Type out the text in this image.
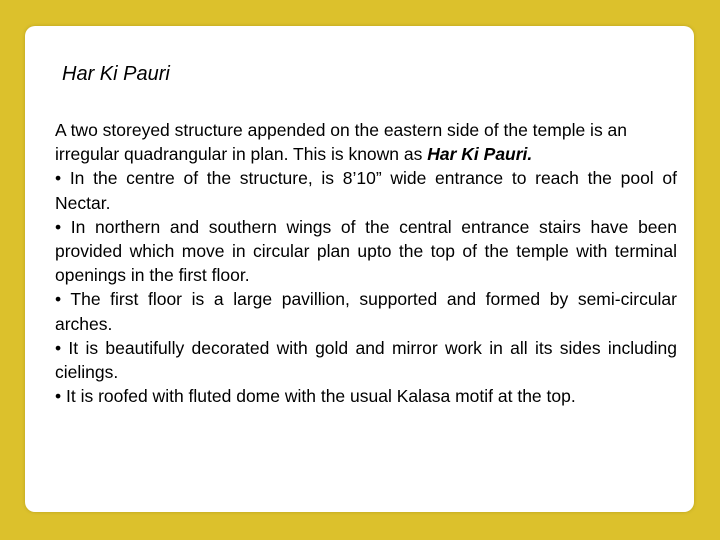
Har Ki Pauri
A two storeyed structure appended on the eastern side of the temple is an irregular quadrangular in plan. This is known as Har Ki Pauri.
• In the centre of the structure, is 8’10” wide entrance to reach the pool of Nectar.
• In northern and southern wings of the central entrance stairs have been provided which move in circular plan upto the top of the temple with terminal openings in the first floor.
• The first floor is a large pavillion, supported and formed by semi-circular arches.
• It is beautifully decorated with gold and mirror work in all its sides including cielings.
• It is roofed with fluted dome with the usual Kalasa motif at the top.
